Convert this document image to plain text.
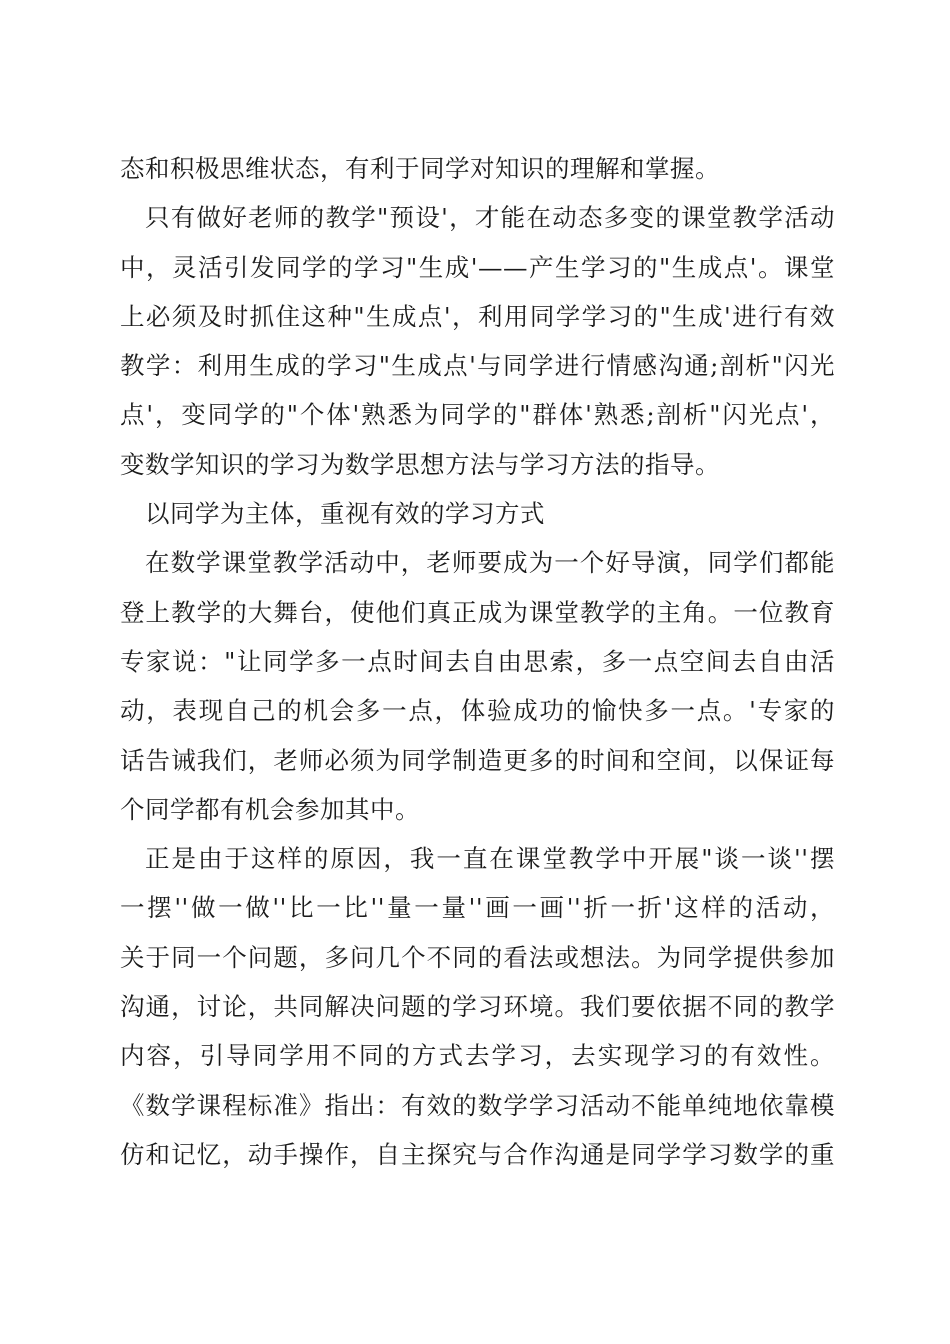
态和积极思维状态，有利于同学对知识的理解和掌握。
只有做好老师的教学"预设'，才能在动态多变的课堂教学活动
中，灵活引发同学的学习"生成'——产生学习的"生成点'。课堂
上必须及时抓住这种"生成点'，利用同学学习的"生成'进行有效
教学：利用生成的学习"生成点'与同学进行情感沟通;剖析"闪光
点'，变同学的"个体'熟悉为同学的"群体'熟悉;剖析"闪光点'，
变数学知识的学习为数学思想方法与学习方法的指导。
以同学为主体，重视有效的学习方式
在数学课堂教学活动中，老师要成为一个好导演，同学们都能
登上教学的大舞台，使他们真正成为课堂教学的主角。一位教育
专家说："让同学多一点时间去自由思索，多一点空间去自由活
动，表现自己的机会多一点，体验成功的愉快多一点。'专家的
话告诫我们，老师必须为同学制造更多的时间和空间，以保证每
个同学都有机会参加其中。
正是由于这样的原因，我一直在课堂教学中开展"谈一谈''摆
一摆''做一做''比一比''量一量''画一画''折一折'这样的活动，
关于同一个问题，多问几个不同的看法或想法。为同学提供参加
沟通，讨论，共同解决问题的学习环境。我们要依据不同的教学
内容，引导同学用不同的方式去学习，去实现学习的有效性。
《数学课程标准》指出：有效的数学学习活动不能单纯地依靠模
仿和记忆，动手操作，自主探究与合作沟通是同学学习数学的重
